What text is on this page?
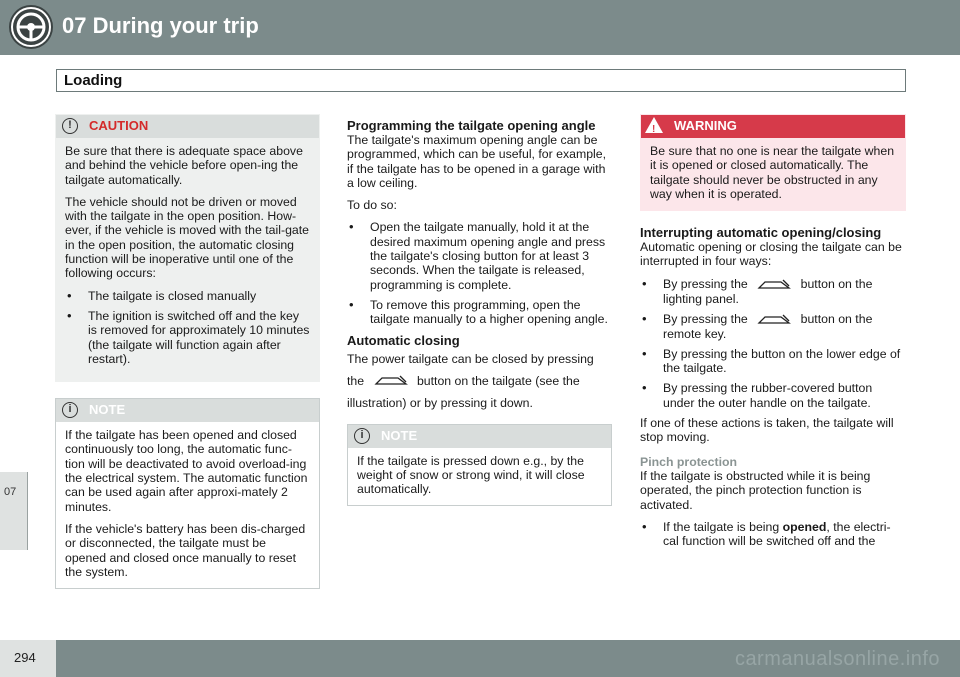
07 During your trip
Loading
07
!	CAUTION

Be sure that there is adequate space above and behind the vehicle before open-ing the tailgate automatically.

The vehicle should not be driven or moved with the tailgate in the open position. How-ever, if the vehicle is moved with the tail-gate in the open position, the automatic closing function will be inoperative until one of the following occurs:

• The tailgate is closed manually
• The ignition is switched off and the key is removed for approximately 10 minutes (the tailgate will function again after restart).
i	NOTE

If the tailgate has been opened and closed continuously too long, the automatic func-tion will be deactivated to avoid overload-ing the electrical system. The automatic function can be used again after approxi-mately 2 minutes.

If the vehicle's battery has been dis-charged or disconnected, the tailgate must be opened and closed once manually to reset the system.

Programming the tailgate opening angle

The tailgate's maximum opening angle can be programmed, which can be useful, for example, if the tailgate has to be opened in a garage with a low ceiling.

To do so:

• Open the tailgate manually, hold it at the desired maximum opening angle and press the tailgate's closing button for at least 3 seconds. When the tailgate is released, programming is complete.
• To remove this programming, open the tailgate manually to a higher opening angle.
Automatic closing

The power tailgate can be closed by pressing the	button on the tailgate (see the illustration) or by pressing it down.

i	NOTE

If the tailgate is pressed down e.g., by the weight of snow or strong wind, it will close automatically.

! WARNING

Be sure that no one is near the tailgate when it is opened or closed automatically. The tailgate should never be obstructed in any way when it is operated.

Interrupting automatic opening/closing

Automatic opening or closing the tailgate can be interrupted in four ways:

• By pressing the	button on the lighting panel.
• By pressing the	button on the remote key.
• By pressing the button on the lower edge of the tailgate.
• By pressing the rubber-covered button under the outer handle on the tailgate.

If one of these actions is taken, the tailgate will stop moving.

Pinch protection

If the tailgate is obstructed while it is being operated, the pinch protection function is activated.

• If the tailgate is being opened, the electri-cal function will be switched off and the
294	carmanualsonline.info
